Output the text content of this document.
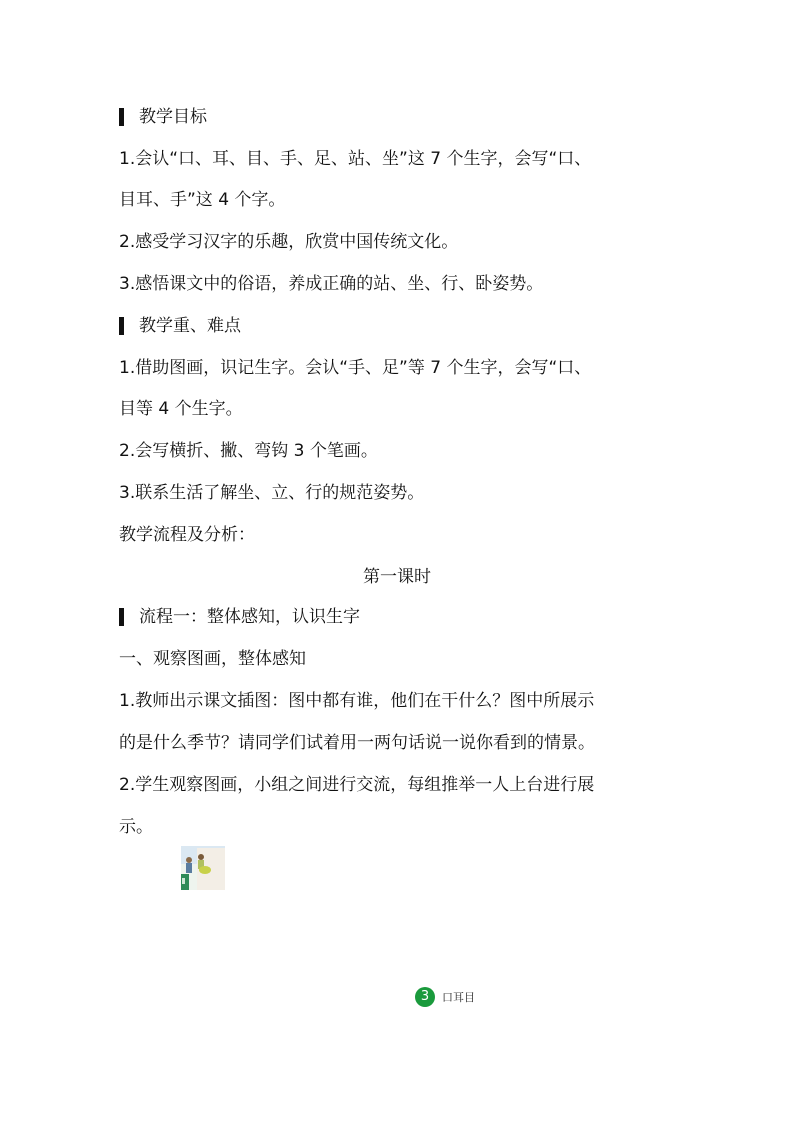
教学目标
1.会认“口、耳、目、手、足、站、坐”这 7 个生字，会写“口、
目耳、手”这 4 个字。
2.感受学习汉字的乐趣，欣赏中国传统文化。
3.感悟课文中的俗语，养成正确的站、坐、行、卧姿势。
教学重、难点
1.借助图画，识记生字。会认“手、足”等 7 个生字，会写“口、
目等 4 个生字。
2.会写横折、撇、弯钩 3 个笔画。
3.联系生活了解坐、立、行的规范姿势。
教学流程及分析：
第一课时
流程一：整体感知，认识生字
一、观察图画，整体感知
1.教师出示课文插图：图中都有谁，他们在干什么？图中所展示
的是什么季节？请同学们试着用一两句话说一说你看到的情景。
2.学生观察图画，小组之间进行交流，每组推举一人上台进行展
示。
3	口耳目
